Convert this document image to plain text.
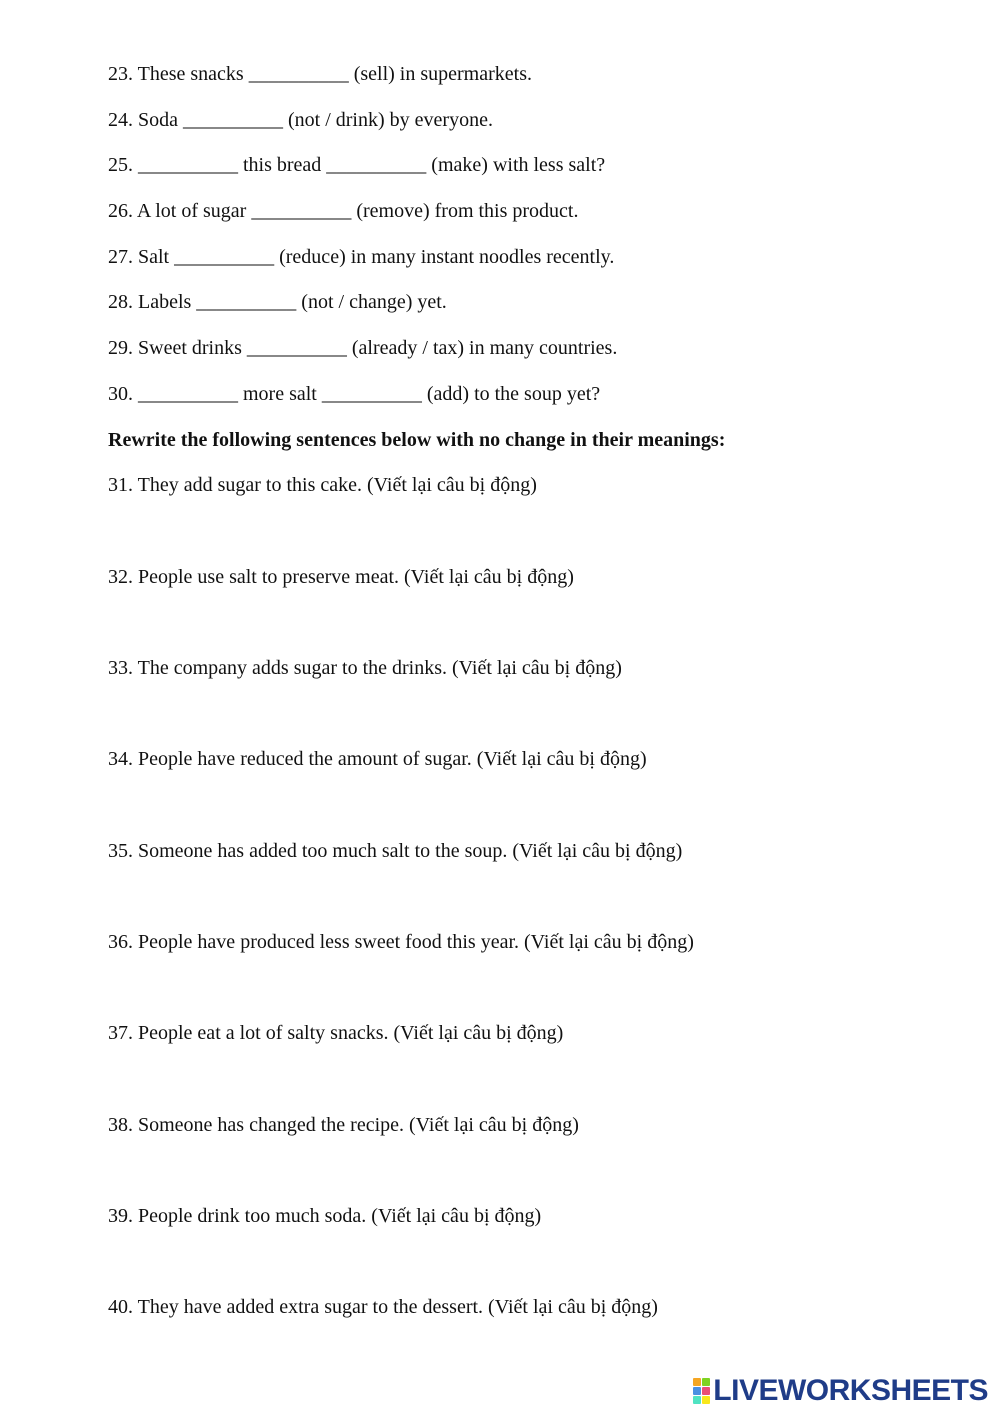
23. These snacks __________ (sell) in supermarkets.
24. Soda __________ (not / drink) by everyone.
25. __________ this bread __________ (make) with less salt?
26. A lot of sugar __________ (remove) from this product.
27. Salt __________ (reduce) in many instant noodles recently.
28. Labels __________ (not / change) yet.
29. Sweet drinks __________ (already / tax) in many countries.
30. __________ more salt __________ (add) to the soup yet?
Rewrite the following sentences below with no change in their meanings:
31. They add sugar to this cake. (Viết lại câu bị động)
32. People use salt to preserve meat. (Viết lại câu bị động)
33. The company adds sugar to the drinks. (Viết lại câu bị động)
34. People have reduced the amount of sugar. (Viết lại câu bị động)
35. Someone has added too much salt to the soup. (Viết lại câu bị động)
36. People have produced less sweet food this year. (Viết lại câu bị động)
37. People eat a lot of salty snacks. (Viết lại câu bị động)
38. Someone has changed the recipe. (Viết lại câu bị động)
39. People drink too much soda. (Viết lại câu bị động)
40. They have added extra sugar to the dessert. (Viết lại câu bị động)
LIVEWORKSHEETS
